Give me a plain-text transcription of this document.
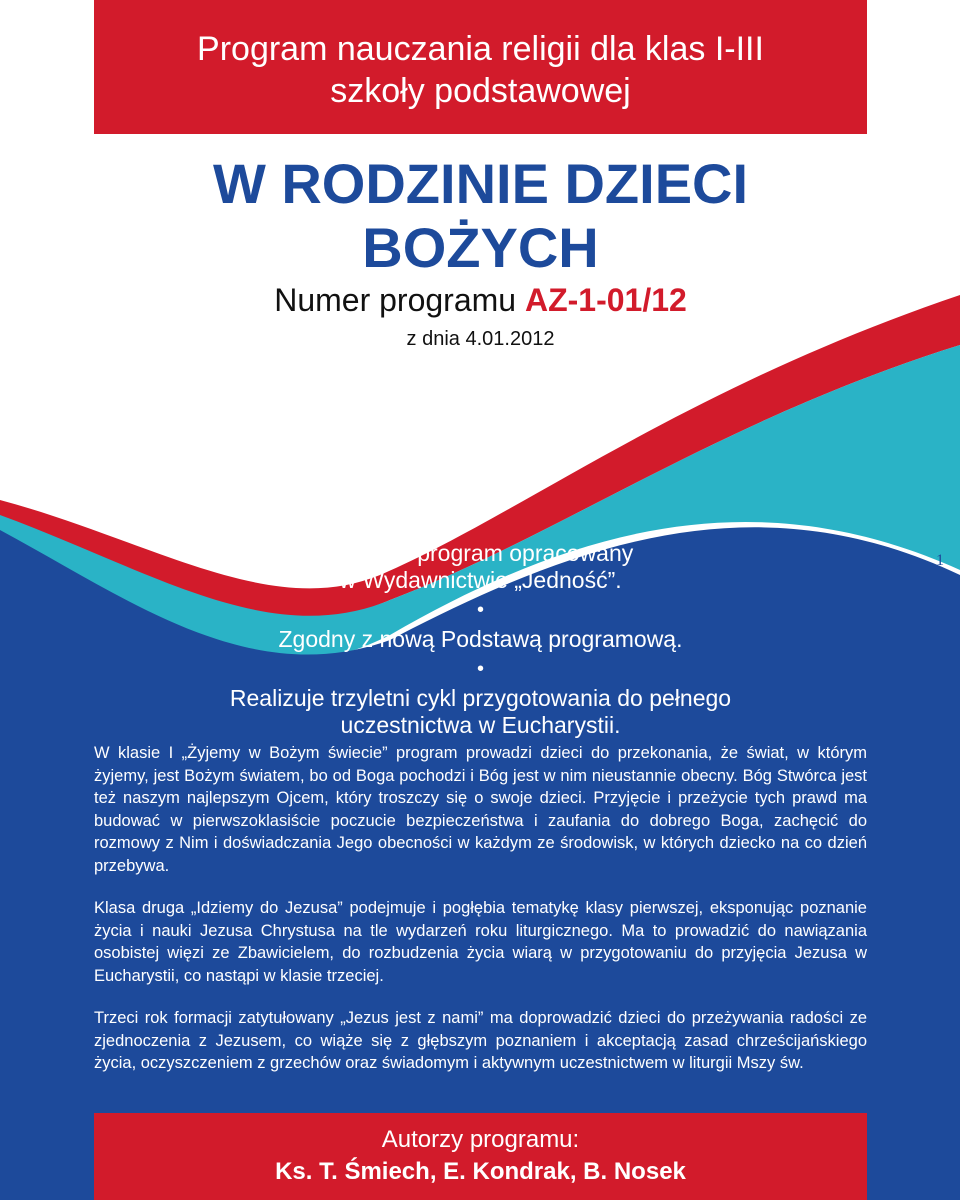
Program nauczania religii dla klas I-III
szkoły podstawowej
W RODZINIE DZIECI
BOŻYCH
Numer programu AZ-1-01/12
z dnia 4.01.2012
Autorski program opracowany
w Wydawnictwie „Jedność”.
•
Zgodny z nową Podstawą programową.
•
Realizuje trzyletni cykl przygotowania do pełnego
uczestnictwa w Eucharystii.
1

W klasie I „Żyjemy w Bożym świecie” program prowadzi dzieci do przekonania, że świat, w którym żyjemy, jest Bożym światem, bo od Boga pochodzi i Bóg jest w nim nieustannie obecny. Bóg Stwórca jest też naszym najlepszym Ojcem, który troszczy się o swoje dzieci. Przyjęcie i przeżycie tych prawd ma budować w pierwszoklasiście poczucie bezpieczeństwa i zaufania do dobrego Boga, zachęcić do rozmowy z Nim i doświadczania Jego obecności w każdym ze środowisk, w których dziecko na co dzień przebywa.

Klasa druga „Idziemy do Jezusa” podejmuje i pogłębia tematykę klasy pierwszej, eksponując poznanie życia i nauki Jezusa Chrystusa na tle wydarzeń roku liturgicznego. Ma to prowadzić do nawiązania osobistej więzi ze Zbawicielem, do rozbudzenia życia wiarą w przygotowaniu do przyjęcia Jezusa w Eucharystii, co nastąpi w klasie trzeciej.

Trzeci rok formacji zatytułowany „Jezus jest z nami” ma doprowadzić dzieci do przeżywania radości ze zjednoczenia z Jezusem, co wiąże się z głębszym poznaniem i akceptacją zasad chrześcijańskiego życia, oczyszczeniem z grzechów oraz świadomym i aktywnym uczestnictwem w liturgii Mszy św.

Autorzy programu:
Ks. T. Śmiech, E. Kondrak, B. Nosek
